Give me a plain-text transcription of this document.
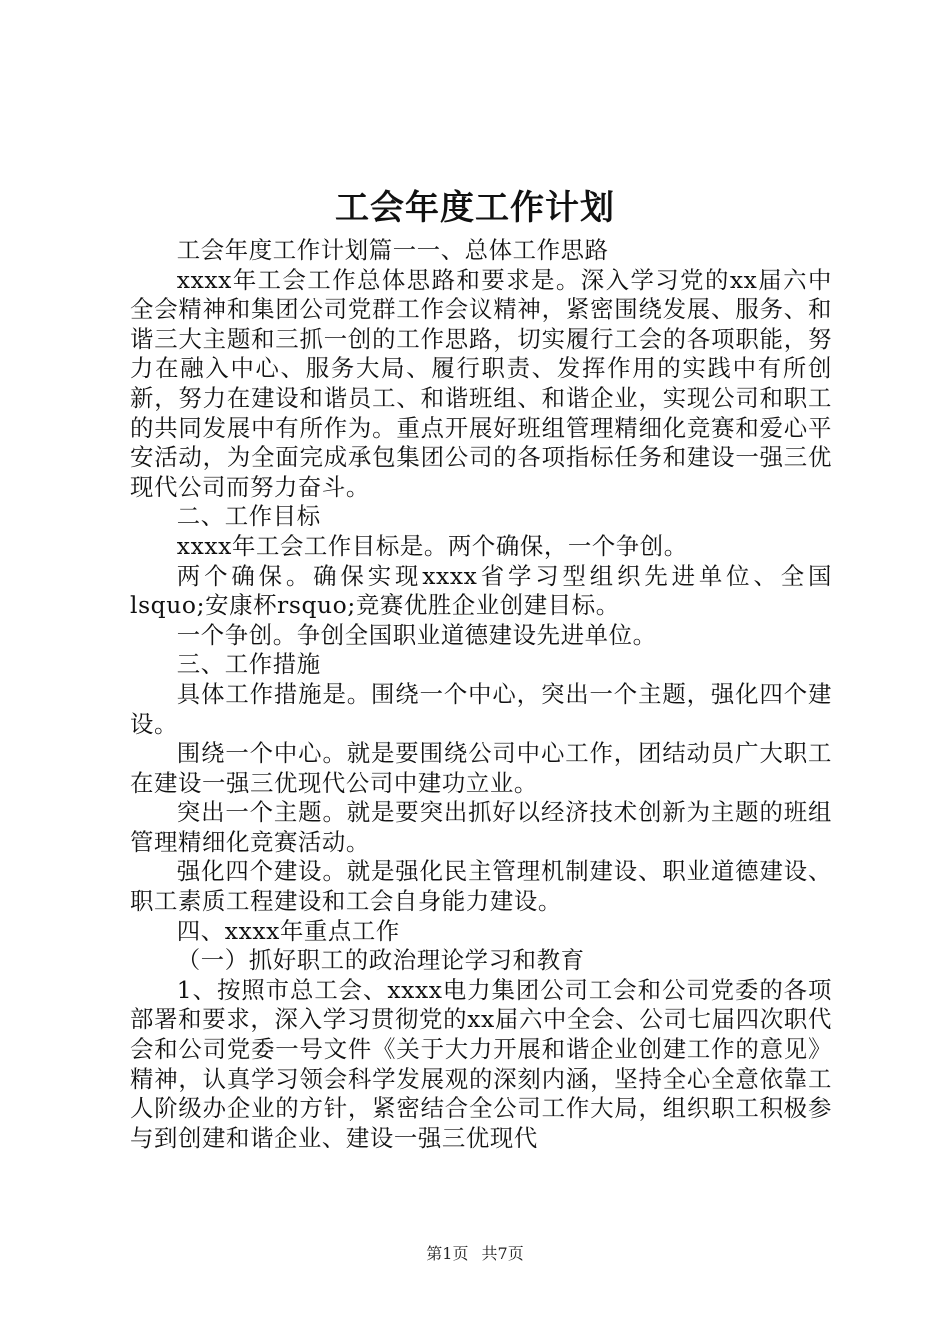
工会年度工作计划

工会年度工作计划篇一一、总体工作思路

xxxx年工会工作总体思路和要求是。深入学习党的xx届六中全会精神和集团公司党群工作会议精神，紧密围绕发展、服务、和谐三大主题和三抓一创的工作思路，切实履行工会的各项职能，努力在融入中心、服务大局、履行职责、发挥作用的实践中有所创新，努力在建设和谐员工、和谐班组、和谐企业，实现公司和职工的共同发展中有所作为。重点开展好班组管理精细化竞赛和爱心平安活动，为全面完成承包集团公司的各项指标任务和建设一强三优现代公司而努力奋斗。

二、工作目标

xxxx年工会工作目标是。两个确保，一个争创。

两个确保。确保实现xxxx省学习型组织先进单位、全国lsquo;安康杯rsquo;竞赛优胜企业创建目标。

一个争创。争创全国职业道德建设先进单位。

三、工作措施

具体工作措施是。围绕一个中心，突出一个主题，强化四个建设。

围绕一个中心。就是要围绕公司中心工作，团结动员广大职工在建设一强三优现代公司中建功立业。

突出一个主题。就是要突出抓好以经济技术创新为主题的班组管理精细化竞赛活动。

强化四个建设。就是强化民主管理机制建设、职业道德建设、职工素质工程建设和工会自身能力建设。

四、xxxx年重点工作

（一）抓好职工的政治理论学习和教育

1、按照市总工会、xxxx电力集团公司工会和公司党委的各项部署和要求，深入学习贯彻党的xx届六中全会、公司七届四次职代会和公司党委一号文件《关于大力开展和谐企业创建工作的意见》精神，认真学习领会科学发展观的深刻内涵，坚持全心全意依靠工人阶级办企业的方针，紧密结合全公司工作大局，组织职工积极参与到创建和谐企业、建设一强三优现代

第1页 共7页
